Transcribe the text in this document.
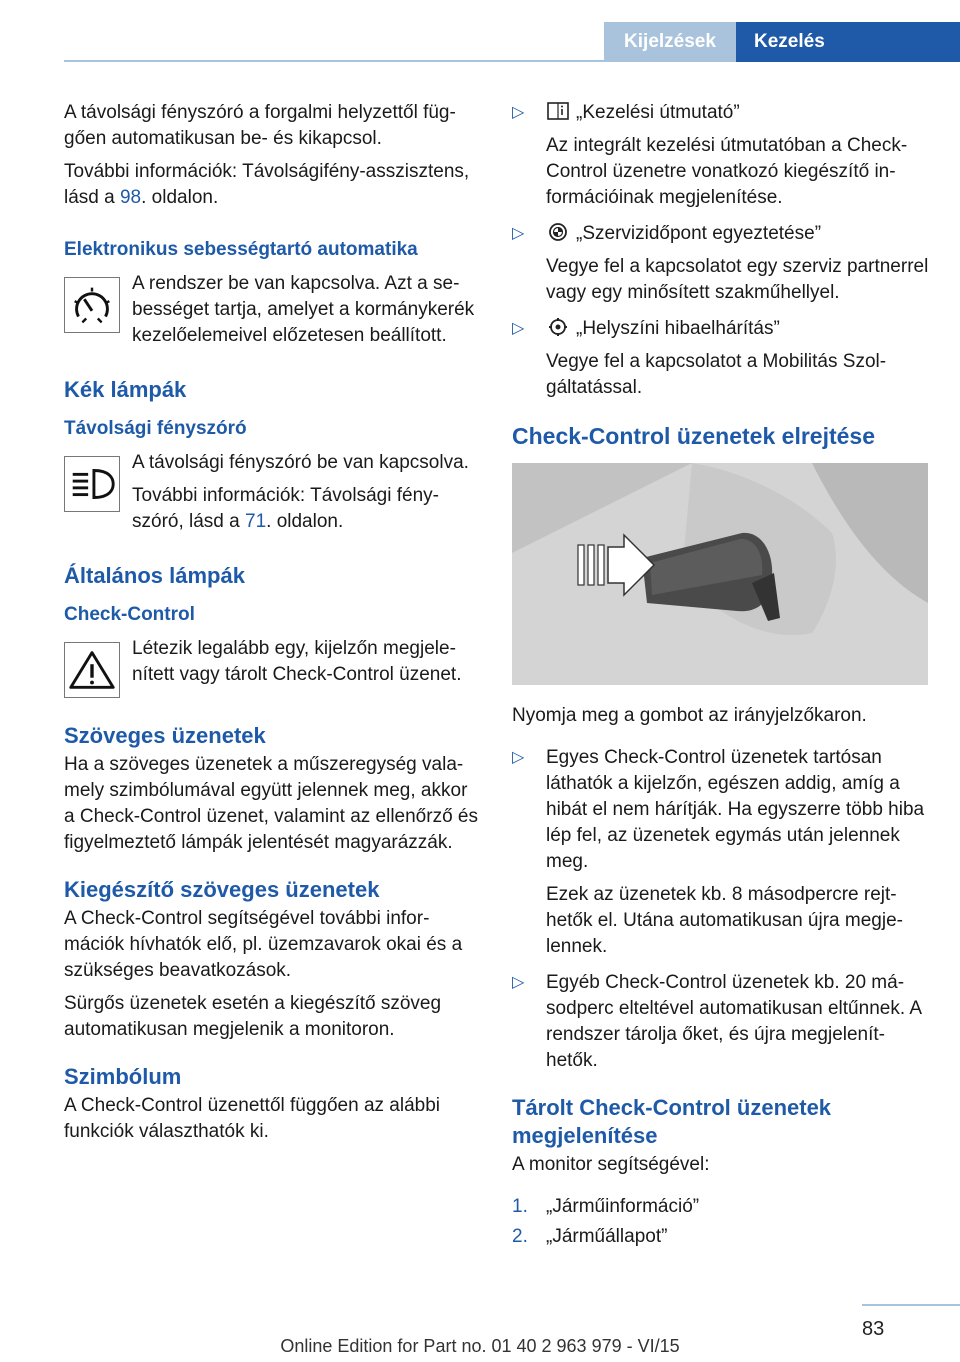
Kijelzések	Kezelés

A távolsági fényszóró a forgalmi helyzettől függően automatikusan be- és kikapcsol.

További információk: Távolságifény-asszisztens, lásd a 98. oldalon.

Elektronikus sebességtartó automatika

A rendszer be van kapcsolva. Azt a sebességet tartja, amelyet a kormánykerék kezelőelemeivel előzetesen beállított.

Kék lámpák
Távolsági fényszóró

A távolsági fényszóró be van kapcsolva.

További információk: Távolsági fényszóró, lásd a 71. oldalon.

Általános lámpák
Check-Control

Létezik legalább egy, kijelzőn megjelenített vagy tárolt Check-Control üzenet.

Szöveges üzenetek

Ha a szöveges üzenetek a műszeregység valamely szimbólumával együtt jelennek meg, akkor a Check-Control üzenet, valamint az ellenőrző és figyelmeztető lámpák jelentését magyarázzák.

Kiegészítő szöveges üzenetek

A Check-Control segítségével további információk hívhatók elő, pl. üzemzavarok okai és a szükséges beavatkozások.

Sürgős üzenetek esetén a kiegészítő szöveg automatikusan megjelenik a monitoron.

Szimbólum

A Check-Control üzenettől függően az alábbi funkciók választhatók ki.

▷	„Kezelési útmutató”

Az integrált kezelési útmutatóban a Check-Control üzenetre vonatkozó kiegészítő információinak megjelenítése.

▷	„Szervizidőpont egyeztetése”

Vegye fel a kapcsolatot egy szerviz partnerrel vagy egy minősített szakműhellyel.

▷	„Helyszíni hibaelhárítás”

Vegye fel a kapcsolatot a Mobilitás Szolgáltatással.

Check-Control üzenetek elrejtése

Nyomja meg a gombot az irányjelzőkaron.

▷ Egyes Check-Control üzenetek tartósan láthatók a kijelzőn, egészen addig, amíg a hibát el nem hárítják. Ha egyszerre több hiba lép fel, az üzenetek egymás után jelennek meg.

Ezek az üzenetek kb. 8 másodpercre rejthetők el. Utána automatikusan újra megjelennek.

▷ Egyéb Check-Control üzenetek kb. 20 másodperc elteltével automatikusan eltűnnek. A rendszer tárolja őket, és újra megjeleníthetők.

Tárolt Check-Control üzenetek megjelenítése

A monitor segítségével:

1. „Járműinformáció”
2. „Járműállapot”
83
Online Edition for Part no. 01 40 2 963 979 - VI/15
